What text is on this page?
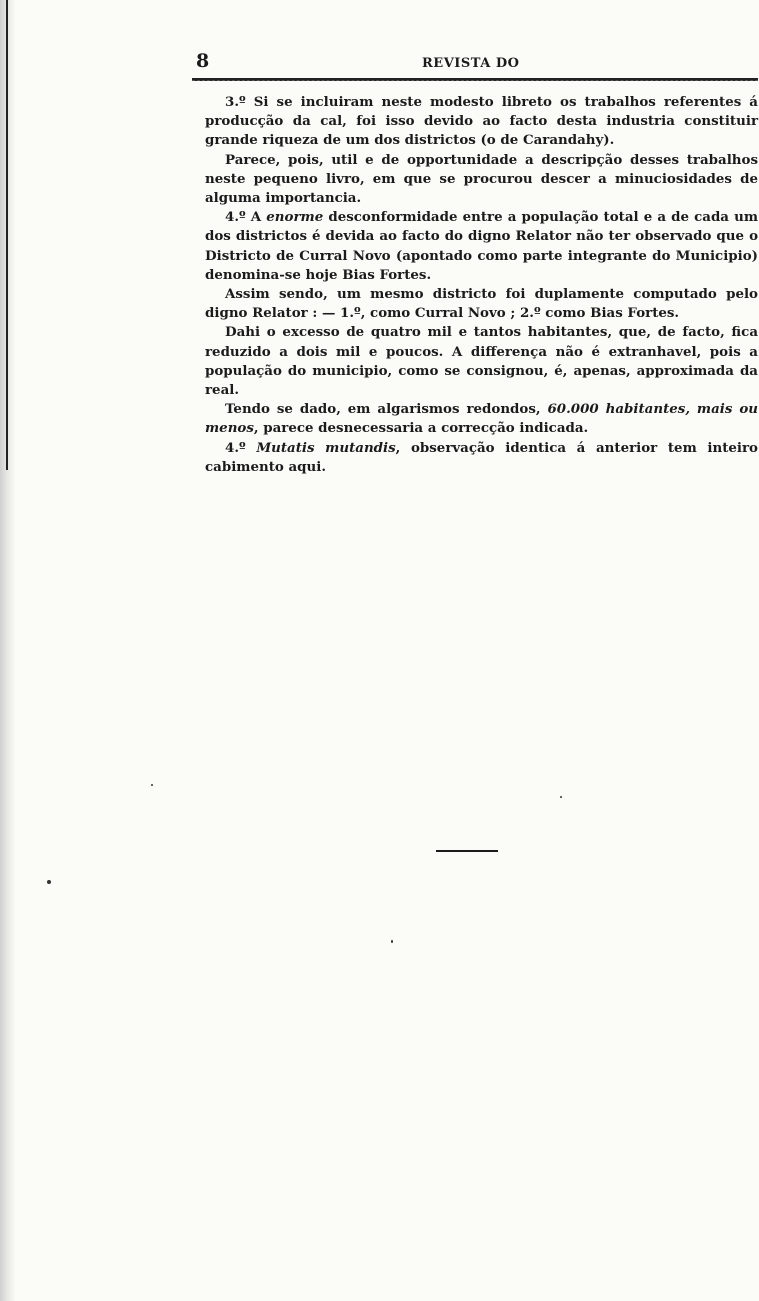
8	REVISTA DO

3.º Si se incluiram neste modesto libreto os trabalhos referentes á producção da cal, foi isso devido ao facto desta industria constituir grande riqueza de um dos districtos (o de Carandahy).

Parece, pois, util e de opportunidade a descripção desses trabalhos neste pequeno livro, em que se procurou descer a minuciosidades de alguma importancia.

4.º A enorme desconformidade entre a população total e a de cada um dos districtos é devida ao facto do digno Relator não ter observado que o Districto de Curral Novo (apontado como parte integrante do Municipio) denomina-se hoje Bias Fortes.

Assim sendo, um mesmo districto foi duplamente computado pelo digno Relator : — 1.º, como Curral Novo ; 2.º como Bias Fortes.

Dahi o excesso de quatro mil e tantos habitantes, que, de facto, fica reduzido a dois mil e poucos. A differença não é extranhavel, pois a população do municipio, como se consignou, é, apenas, approximada da real.

Tendo se dado, em algarismos redondos, 60.000 habitantes, mais ou menos, parece desnecessaria a correcção indicada.

4.º Mutatis mutandis, observação identica á anterior tem inteiro cabimento aqui.
